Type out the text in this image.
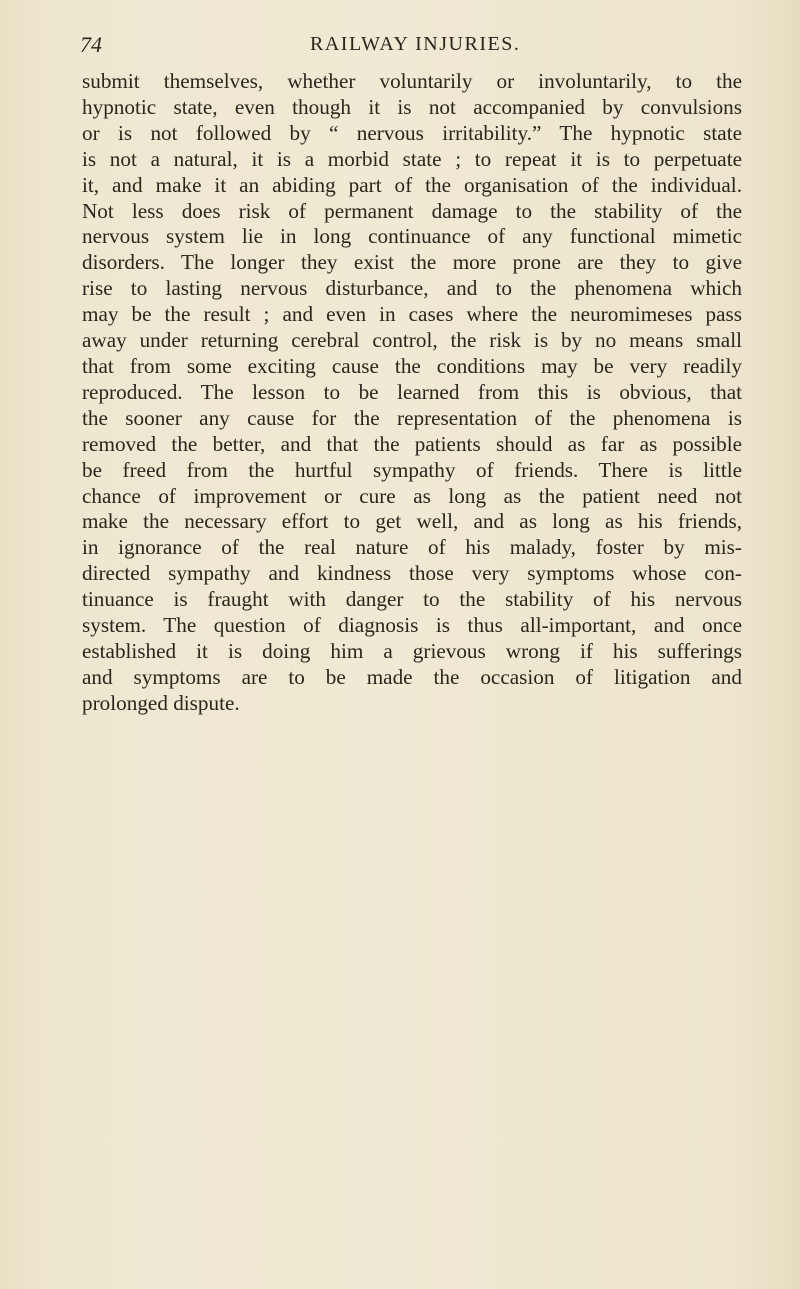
74	RAILWAY INJURIES.

submit themselves, whether voluntarily or involuntarily, to the
hypnotic state, even though it is not accompanied by convulsions
or is not followed by “ nervous irritability.” The hypnotic state
is not a natural, it is a morbid state ; to repeat it is to perpetuate
it, and make it an abiding part of the organisation of the individual.
Not less does risk of permanent damage to the stability of the
nervous system lie in long continuance of any functional mimetic
disorders. The longer they exist the more prone are they to give
rise to lasting nervous disturbance, and to the phenomena which
may be the result ; and even in cases where the neuromimeses pass
away under returning cerebral control, the risk is by no means small
that from some exciting cause the conditions may be very readily
reproduced. The lesson to be learned from this is obvious, that
the sooner any cause for the representation of the phenomena is
removed the better, and that the patients should as far as possible
be freed from the hurtful sympathy of friends. There is little
chance of improvement or cure as long as the patient need not
make the necessary effort to get well, and as long as his friends,
in ignorance of the real nature of his malady, foster by mis-
directed sympathy and kindness those very symptoms whose con-
tinuance is fraught with danger to the stability of his nervous
system. The question of diagnosis is thus all-important, and once
established it is doing him a grievous wrong if his sufferings
and symptoms are to be made the occasion of litigation and
prolonged dispute.
